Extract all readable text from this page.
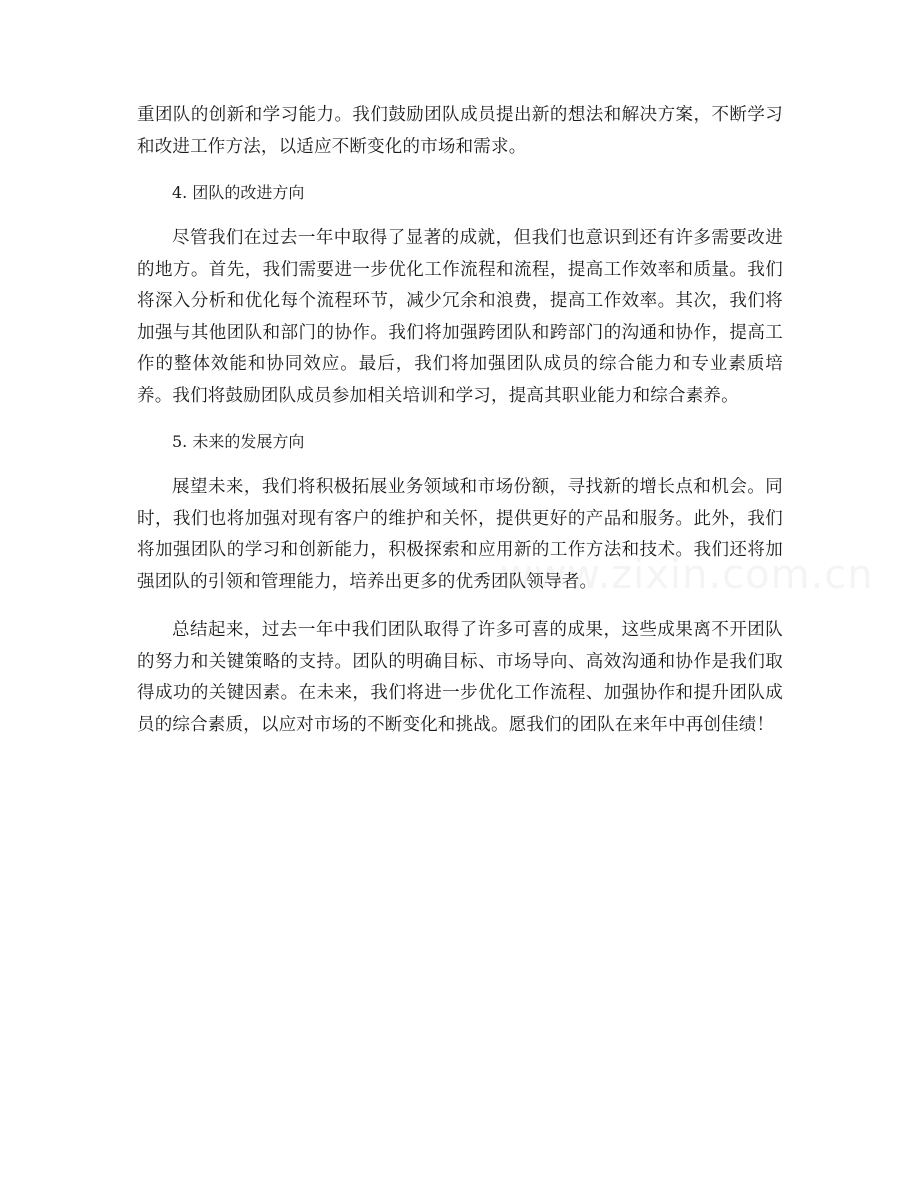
重团队的创新和学习能力。我们鼓励团队成员提出新的想法和解决方案，不断学习和改进工作方法，以适应不断变化的市场和需求。

4. 团队的改进方向

尽管我们在过去一年中取得了显著的成就，但我们也意识到还有许多需要改进的地方。首先，我们需要进一步优化工作流程和流程，提高工作效率和质量。我们将深入分析和优化每个流程环节，减少冗余和浪费，提高工作效率。其次，我们将加强与其他团队和部门的协作。我们将加强跨团队和跨部门的沟通和协作，提高工作的整体效能和协同效应。最后，我们将加强团队成员的综合能力和专业素质培养。我们将鼓励团队成员参加相关培训和学习，提高其职业能力和综合素养。

5. 未来的发展方向

展望未来，我们将积极拓展业务领域和市场份额，寻找新的增长点和机会。同时，我们也将加强对现有客户的维护和关怀，提供更好的产品和服务。此外，我们将加强团队的学习和创新能力，积极探索和应用新的工作方法和技术。我们还将加强团队的引领和管理能力，培养出更多的优秀团队领导者。

总结起来，过去一年中我们团队取得了许多可喜的成果，这些成果离不开团队的努力和关键策略的支持。团队的明确目标、市场导向、高效沟通和协作是我们取得成功的关键因素。在未来，我们将进一步优化工作流程、加强协作和提升团队成员的综合素质，以应对市场的不断变化和挑战。愿我们的团队在来年中再创佳绩！
